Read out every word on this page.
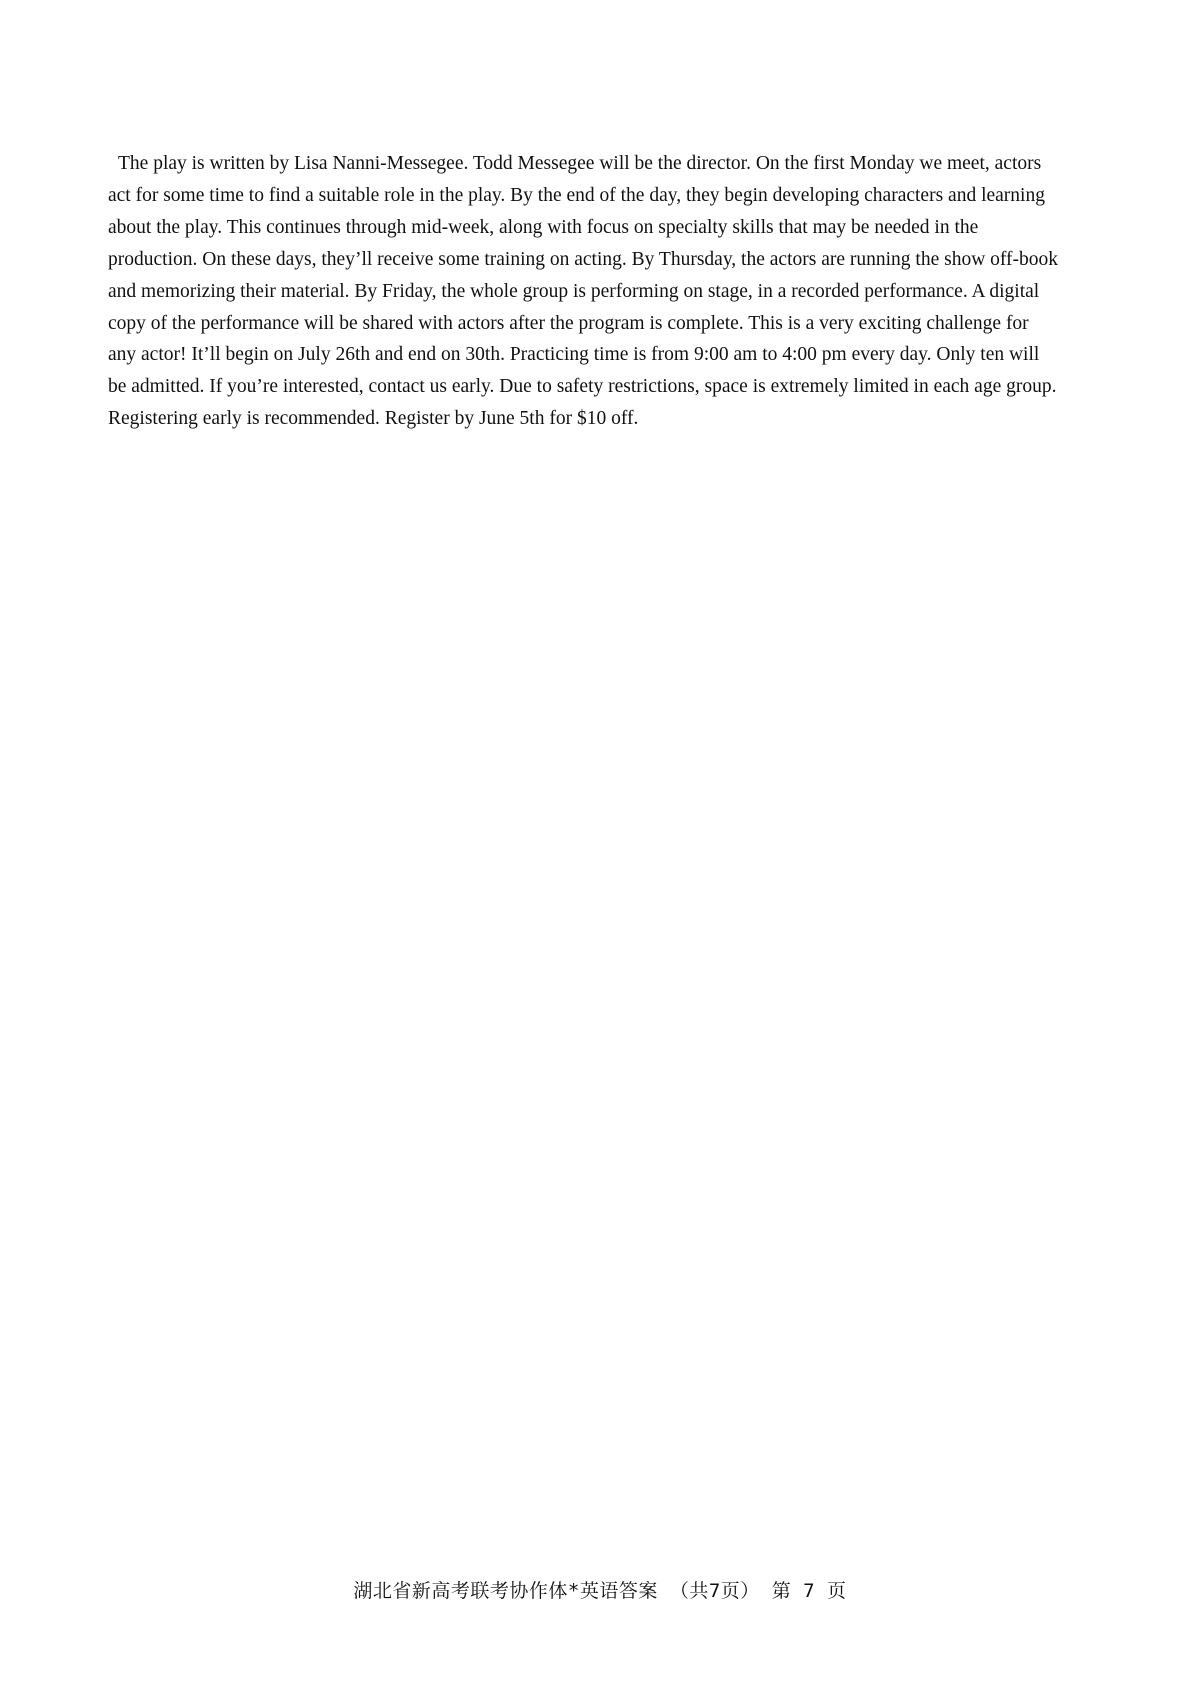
The play is written by Lisa Nanni-Messegee. Todd Messegee will be the director. On the first Monday we meet, actors
act for some time to find a suitable role in the play. By the end of the day, they begin developing characters and learning
about the play. This continues through mid-week, along with focus on specialty skills that may be needed in the
production. On these days, they’ll receive some training on acting. By Thursday, the actors are running the show off-book
and memorizing their material. By Friday, the whole group is performing on stage, in a recorded performance. A digital
copy of the performance will be shared with actors after the program is complete. This is a very exciting challenge for
any actor! It’ll begin on July 26th and end on 30th. Practicing time is from 9:00 am to 4:00 pm every day. Only ten will
be admitted. If you’re interested, contact us early. Due to safety restrictions, space is extremely limited in each age group.
Registering early is recommended. Register by June 5th for $10 off.

湖北省新高考联考协作体*英语答案 （共7页） 第 7 页
